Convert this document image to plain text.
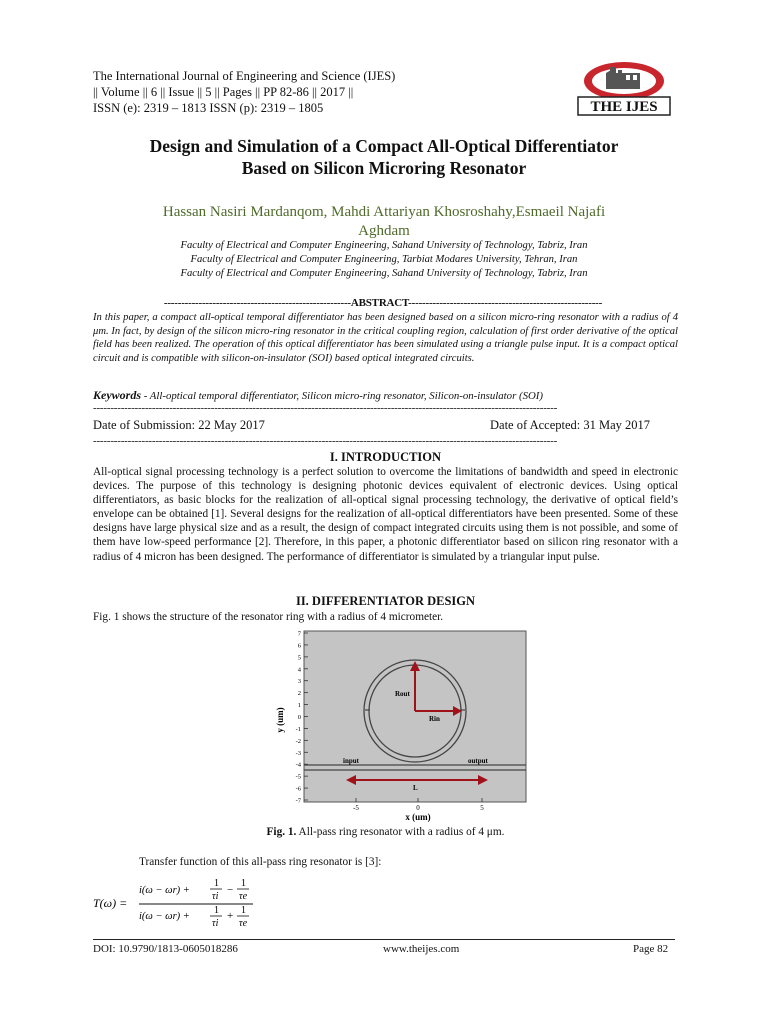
The International Journal of Engineering and Science (IJES)
|| Volume || 6 || Issue || 5 || Pages || PP 82-86 || 2017 ||
ISSN (e): 2319 – 1813 ISSN (p): 2319 – 1805	THE IJES
Design and Simulation of a Compact All-Optical Differentiator
Based on Silicon Microring Resonator
Hassan Nasiri Mardanqom, Mahdi Attariyan Khosroshahy,Esmaeil Najafi
Aghdam
Faculty of Electrical and Computer Engineering, Sahand University of Technology, Tabriz, Iran
Faculty of Electrical and Computer Engineering, Tarbiat Modares University, Tehran, Iran
Faculty of Electrical and Computer Engineering, Sahand University of Technology, Tabriz, Iran
------------------------------------------------------ABSTRACT--------------------------------------------------------
In this paper, a compact all-optical temporal differentiator has been designed based on a silicon micro-ring resonator with a radius of 4 μm. In fact, by design of the silicon micro-ring resonator in the critical coupling region, calculation of first order derivative of the optical field has been realized. The operation of this optical differentiator has been simulated using a triangle pulse input. It is a compact optical circuit and is compatible with silicon-on-insulator (SOI) based optical integrated circuits.
Keywords - All-optical temporal differentiator, Silicon micro-ring resonator, Silicon-on-insulator (SOI)
--------------------------------------------------------------------------------------------------------------------------------------
Date of Submission: 22 May 2017	Date of Accepted: 31 May 2017
--------------------------------------------------------------------------------------------------------------------------------------
I. INTRODUCTION
All-optical signal processing technology is a perfect solution to overcome the limitations of bandwidth and speed in electronic devices. The purpose of this technology is designing photonic devices equivalent of electronic devices. Using optical differentiators, as basic blocks for the realization of all-optical signal processing technology, the derivative of optical field’s envelope can be obtained [1]. Several designs for the realization of all-optical differentiators have been presented. Some of these designs have large physical size and as a result, the design of compact integrated circuits using them is not possible, and some of them have low-speed performance [2]. Therefore, in this paper, a photonic differentiator based on silicon ring resonator with a radius of 4 micron has been designed. The performance of differentiator is simulated by a triangular input pulse.
II. DIFFERENTIATOR DESIGN
Fig. 1 shows the structure of the resonator ring with a radius of 4 micrometer.
7
6
5
4
3
2
1
0
-1
-2
-3
-4
-5
-6
-7
-5	0	5
y (um)
x (um)
Rout
Rin
input	output
L
Fig. 1. All-pass ring resonator with a radius of 4 μm.
Transfer function of this all-pass ring resonator is [3]:
T(ω) =
i(ω − ωr) +
1
τi
−
1
τe
i(ω − ωr) +
1
τi
+ 1
τe
DOI: 10.9790/1813-0605018286	www.theijes.com	Page 82
